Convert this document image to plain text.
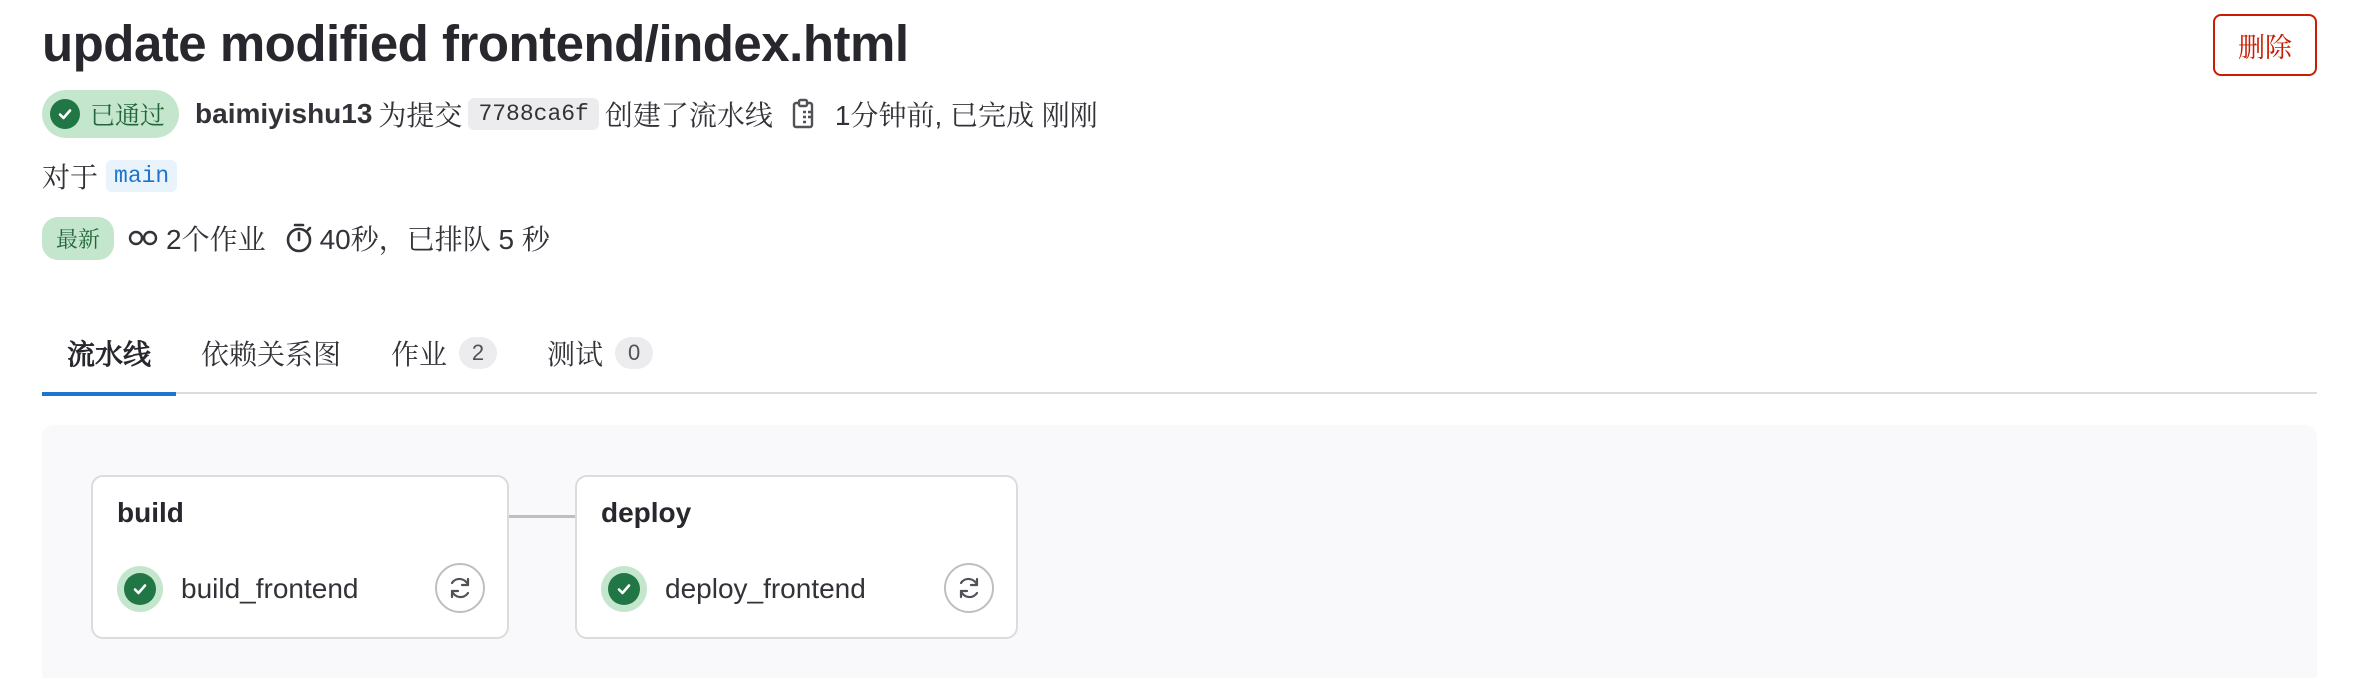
update modified frontend/index.html	删除
已通过 baimiyishu13 为提交 7788ca6f 创建了流水线 1分钟前, 已完成 刚刚
对于 main
最新	2个作业 40秒，已排队 5 秒
流水线 依赖关系图 作业	2	测试	0
build
build_frontend
deploy
deploy_frontend
